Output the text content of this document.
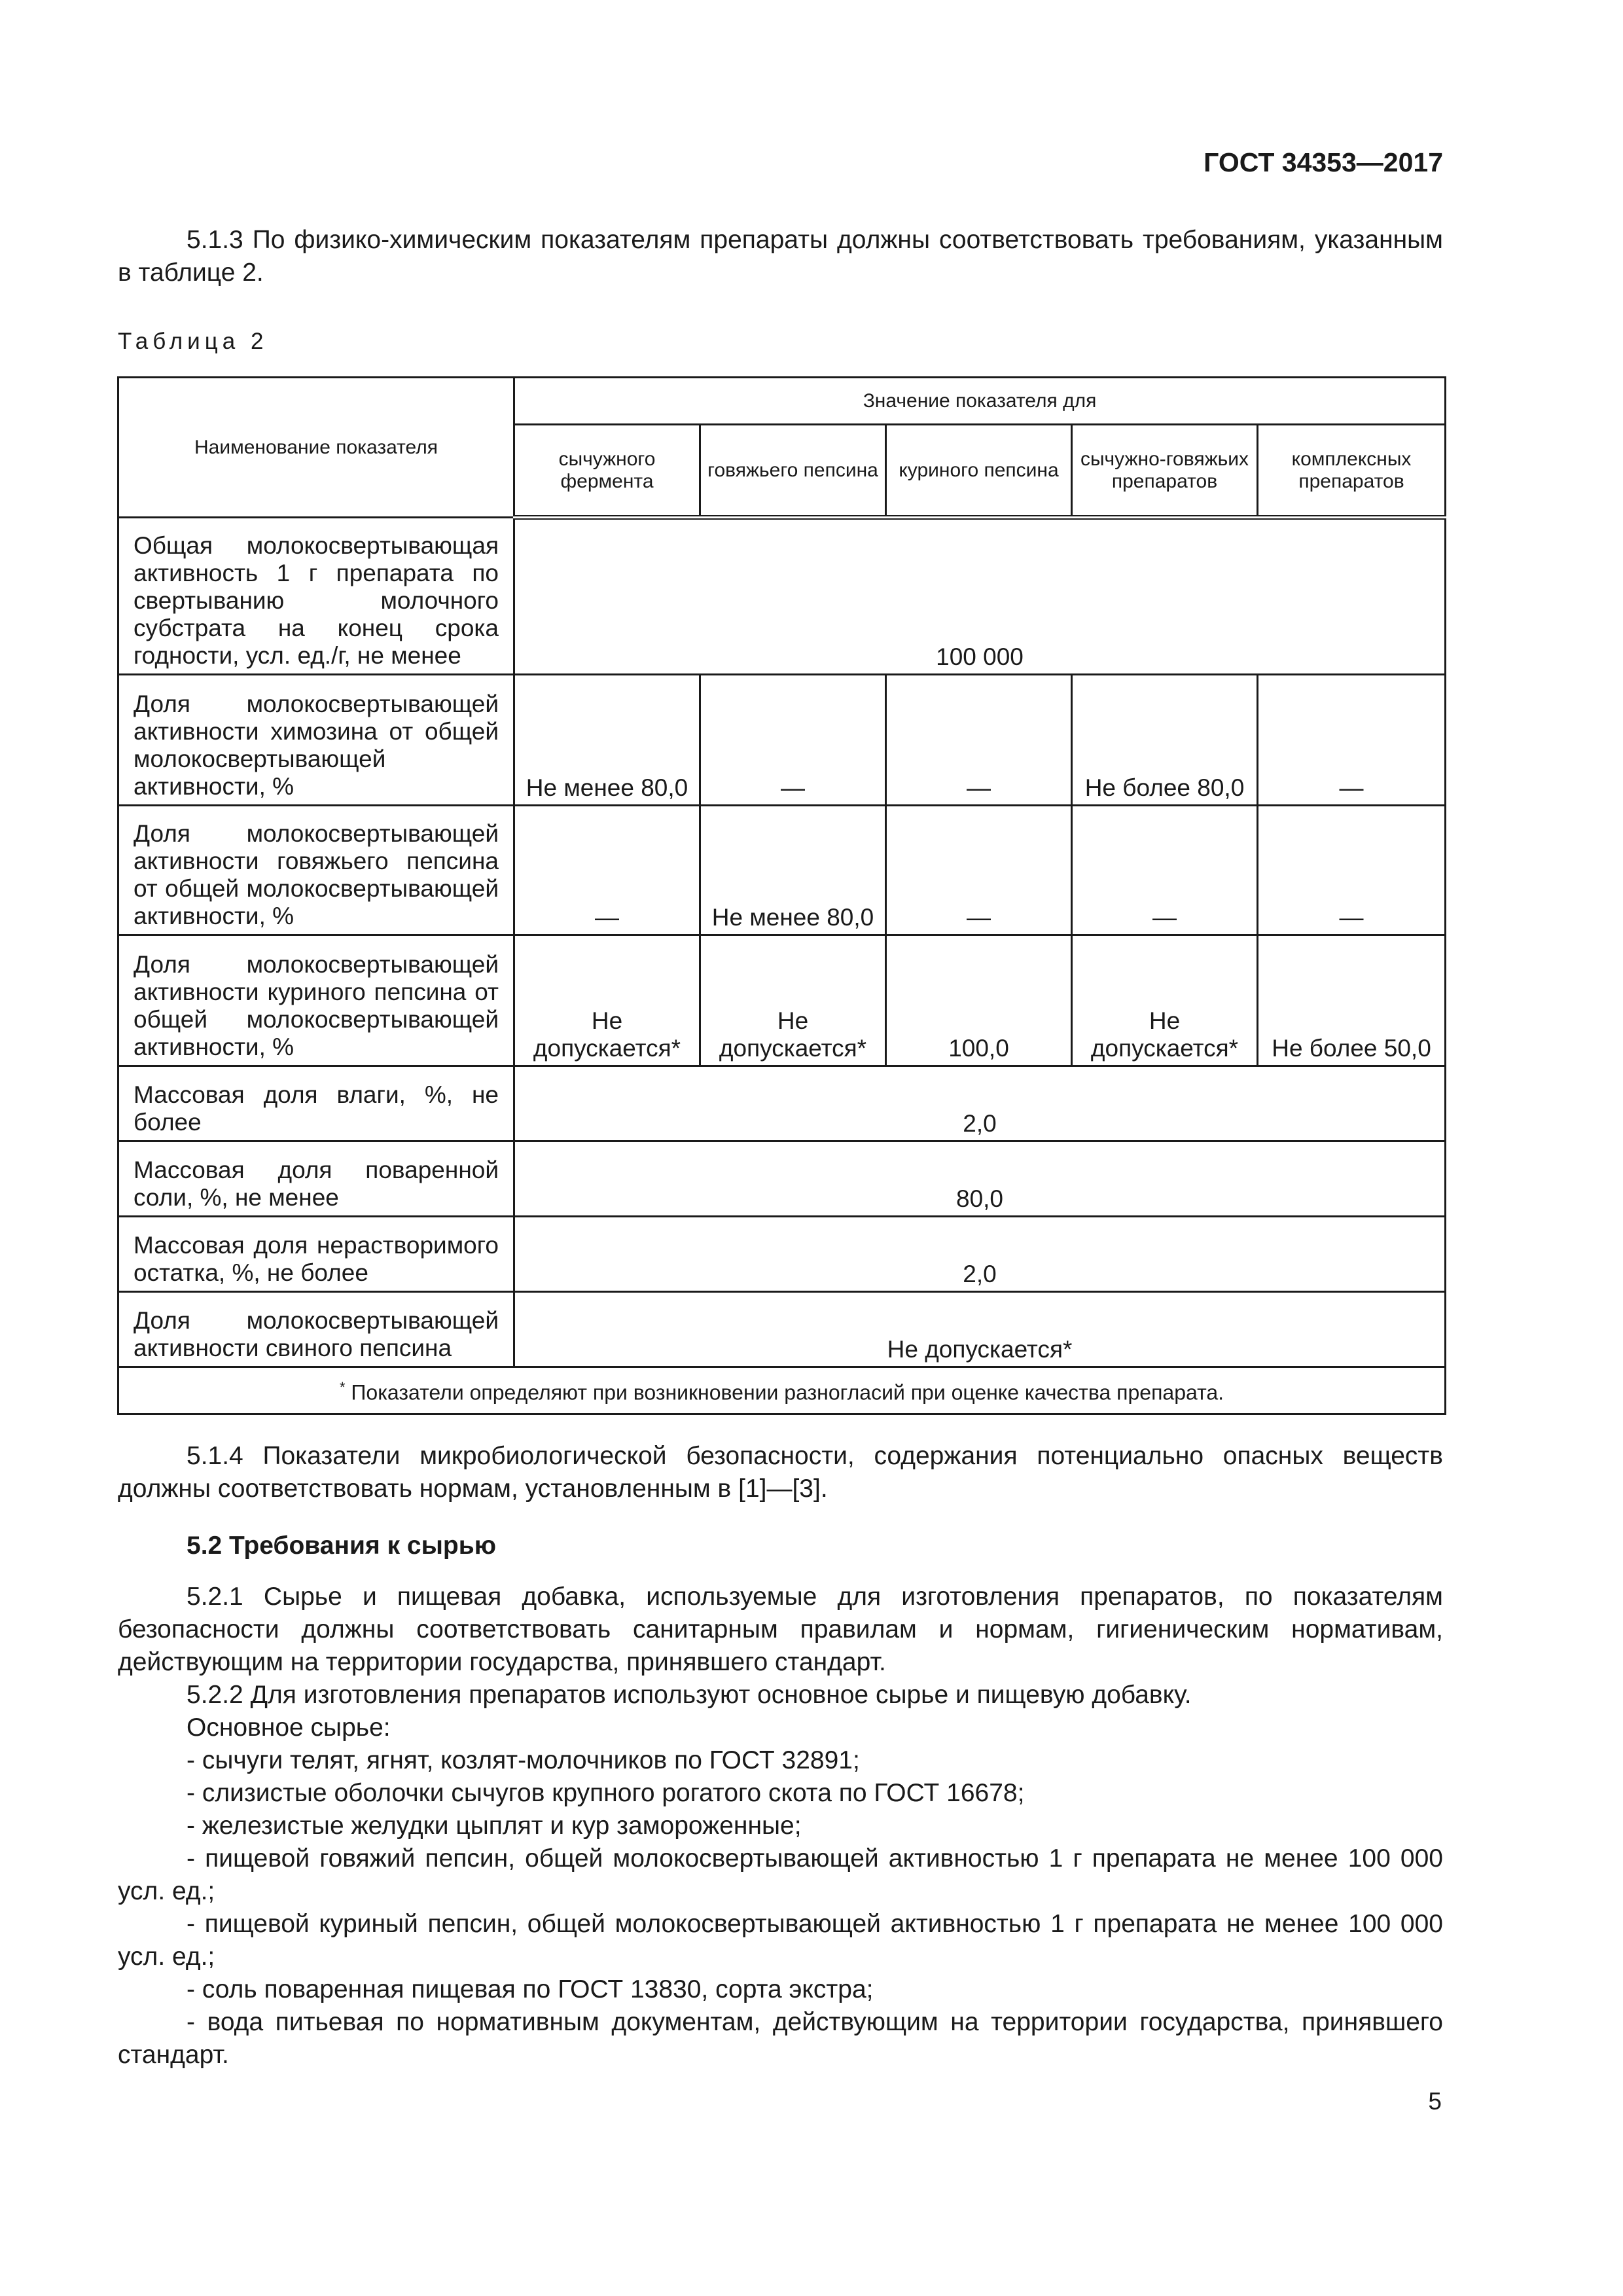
ГОСТ 34353—2017
5.1.3 По физико-химическим показателям препараты должны соответствовать требованиям, указанным в таблице 2.
Таблица 2
Наименование показателя	Значение показателя для				
	сычужного фермента	говяжьего пепсина	куриного пепсина	сычужно-говяжьих препаратов	комплексных препаратов
Общая молокосвертывающая активность 1 г препарата по свертыванию молочного субстрата на конец срока годности, усл. ед./г, не менее	100 000				
Доля молокосвертывающей активности химозина от общей молокосвертывающей активности, %	Не менее 80,0	—	—	Не более 80,0	—
Доля молокосвертывающей активности говяжьего пепсина от общей молокосвертывающей активности, %	—	Не менее 80,0	—	—	—
Доля молокосвертывающей активности куриного пепсина от общей молокосвертывающей активности, %	Не допускается*	Не допускается*	100,0	Не допускается*	Не более 50,0
Массовая доля влаги, %, не более	2,0				
Массовая доля поваренной соли, %, не менее	80,0				
Массовая доля нерастворимого остатка, %, не более	2,0				
Доля молокосвертывающей активности свиного пепсина	Не допускается*				
* Показатели определяют при возникновении разногласий при оценке качества препарата.					
5.1.4 Показатели микробиологической безопасности, содержания потенциально опасных веществ должны соответствовать нормам, установленным в [1]—[3].
5.2 Требования к сырью
5.2.1 Сырье и пищевая добавка, используемые для изготовления препаратов, по показателям безопасности должны соответствовать санитарным правилам и нормам, гигиеническим нормативам, действующим на территории государства, принявшего стандарт.
5.2.2 Для изготовления препаратов используют основное сырье и пищевую добавку.
Основное сырье:
- сычуги телят, ягнят, козлят-молочников по ГОСТ 32891;
- слизистые оболочки сычугов крупного рогатого скота по ГОСТ 16678;
- железистые желудки цыплят и кур замороженные;
- пищевой говяжий пепсин, общей молокосвертывающей активностью 1 г препарата не менее 100 000 усл. ед.;
- пищевой куриный пепсин, общей молокосвертывающей активностью 1 г препарата не менее 100 000 усл. ед.;
- соль поваренная пищевая по ГОСТ 13830, сорта экстра;
- вода питьевая по нормативным документам, действующим на территории государства, принявшего стандарт.
5
